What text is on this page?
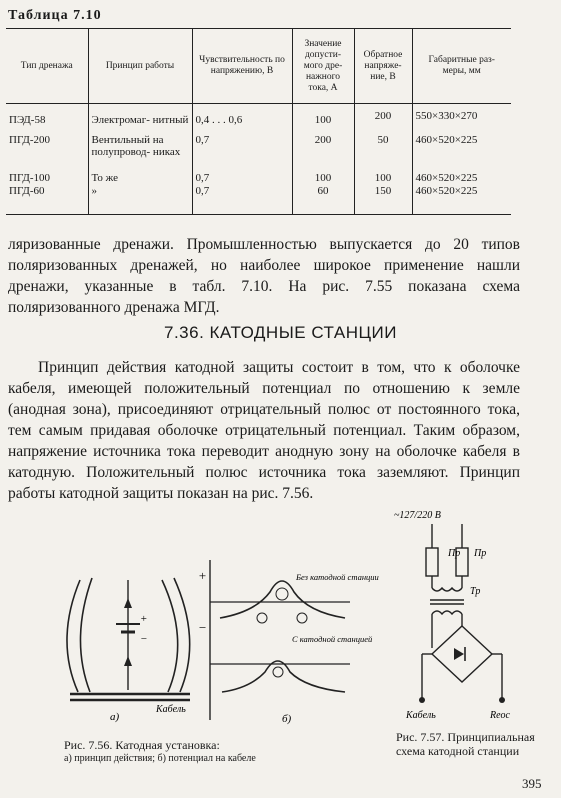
Таблица 7.10
Тип дренажа	Принцип работы	Чувствительность по напряжению, В	Значение допусти- мого дре- нажного тока, А	Обратное напряже- ние, В	Габаритные раз- меры, мм
ПЭД-58	Электромаг- нитный	0,4 . . . 0,6	100	200	550×330×270
ПГД-200	Вентильный на полупровод- никах	0,7	200	50	460×520×225
ПГД-100	То же	0,7	100	100	460×520×225
ПГД-60	»	0,7	60	150	460×520×225
ляризованные дренажи. Промышленностью выпускается до 20 типов поляризованных дренажей, но наиболее широкое применение нашли дренажи, указанные в табл. 7.10. На рис. 7.55 показана схема поляризованного дренажа МГД.
7.36. КАТОДНЫЕ СТАНЦИИ
Принцип действия катодной защиты состоит в том, что к оболочке кабеля, имеющей положительный потенциал по отношению к земле (анодная зона), присоединяют отрицательный полюс от постоянного тока, тем самым придавая оболочке отрицательный потенциал. Таким образом, напряжение источника тока переводит анодную зону на оболочке кабеля в катодную. Положительный полюс источника тока заземляют. Принцип работы катодной защиты показан на рис. 7.56.
+
−
а)
Кабель
+
−
Без катодной станции
С катодной станцией
б)
Рис. 7.56. Катодная установка:
а) принцип действия; б) потенциал на кабеле
~127/220 В
Пр Пр
Тр
Кабель	Reoс
Рис. 7.57. Принципиальная схема катодной станции
395
